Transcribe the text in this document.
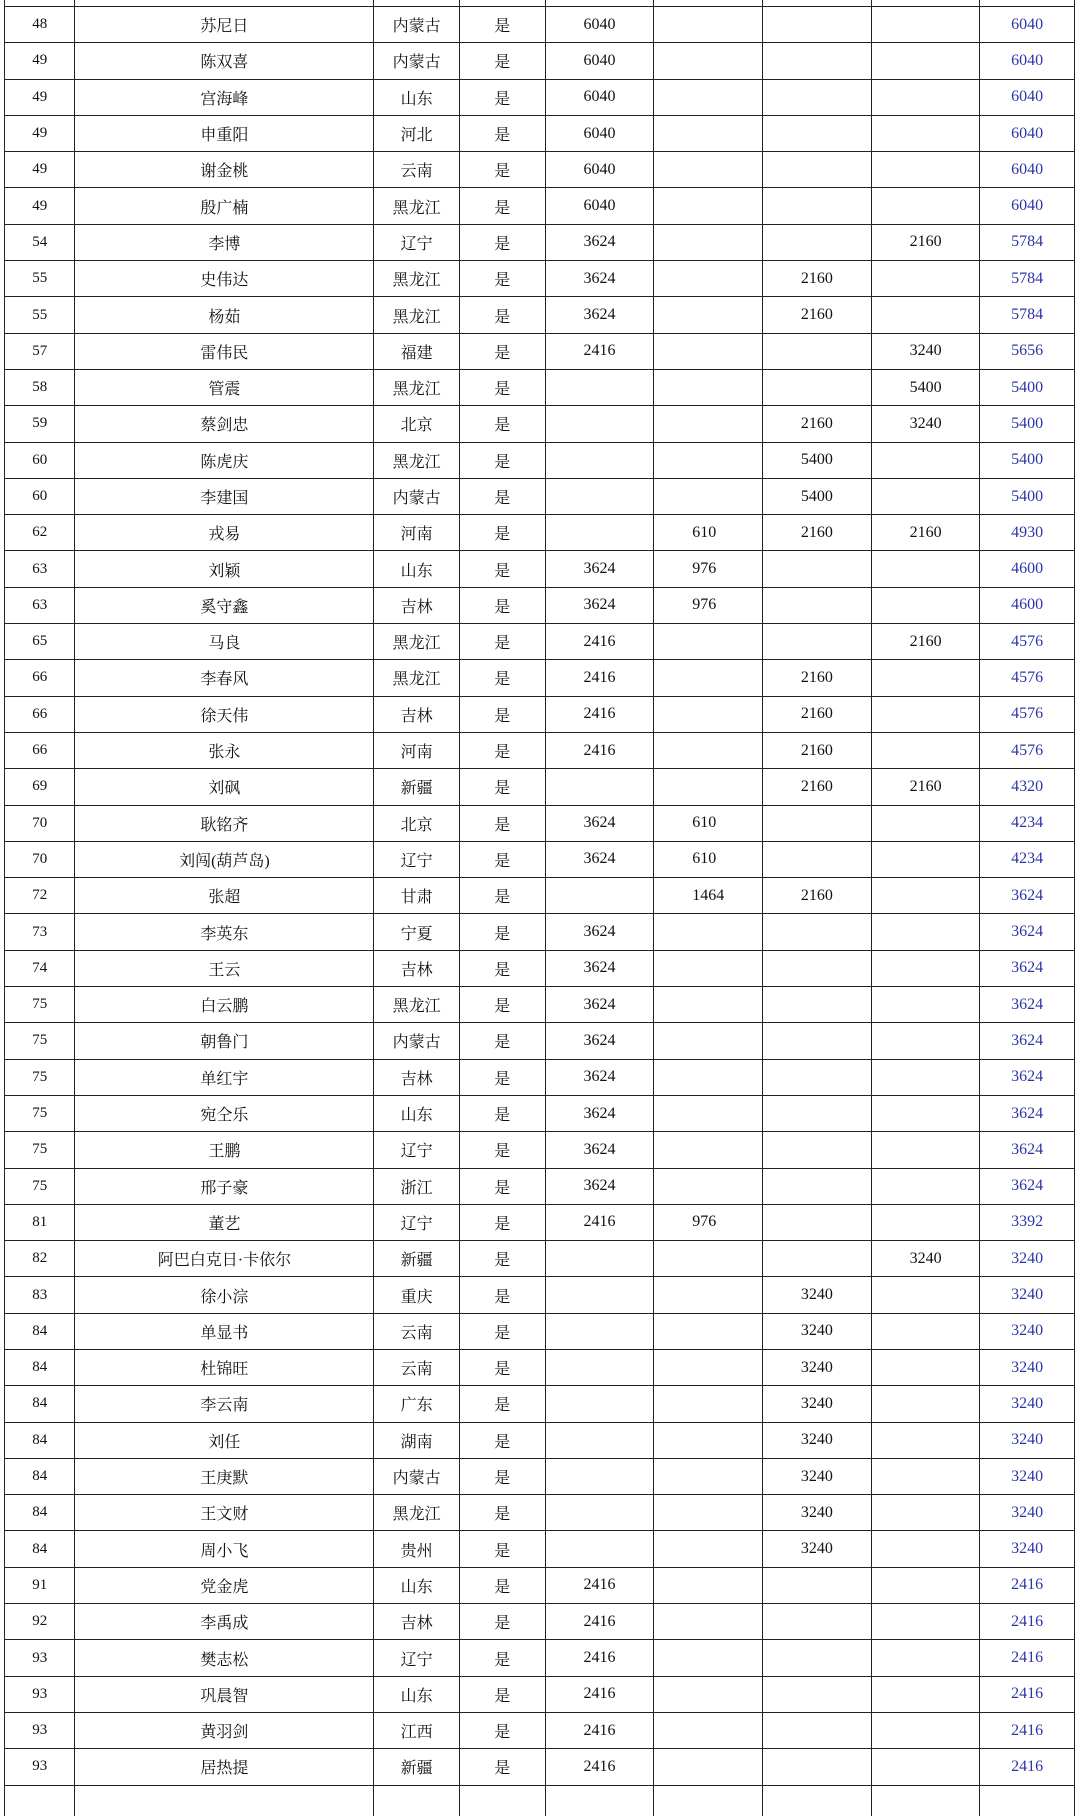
48	苏尼日	内蒙古	是	6040				6040
49	陈双喜	内蒙古	是	6040				6040
49	宫海峰	山东	是	6040				6040
49	申重阳	河北	是	6040				6040
49	谢金桃	云南	是	6040				6040
49	殷广楠	黑龙江	是	6040				6040
54	李博	辽宁	是	3624			2160	5784
55	史伟达	黑龙江	是	3624		2160		5784
55	杨茹	黑龙江	是	3624		2160		5784
57	雷伟民	福建	是	2416			3240	5656
58	管震	黑龙江	是				5400	5400
59	蔡剑忠	北京	是			2160	3240	5400
60	陈虎庆	黑龙江	是			5400		5400
60	李建国	内蒙古	是			5400		5400
62	戎易	河南	是		610	2160	2160	4930
63	刘颖	山东	是	3624	976			4600
63	奚守鑫	吉林	是	3624	976			4600
65	马良	黑龙江	是	2416			2160	4576
66	李春风	黑龙江	是	2416		2160		4576
66	徐天伟	吉林	是	2416		2160		4576
66	张永	河南	是	2416		2160		4576
69	刘砜	新疆	是			2160	2160	4320
70	耿铭齐	北京	是	3624	610			4234
70	刘闯(葫芦岛)	辽宁	是	3624	610			4234
72	张超	甘肃	是		1464	2160		3624
73	李英东	宁夏	是	3624				3624
74	王云	吉林	是	3624				3624
75	白云鹏	黑龙江	是	3624				3624
75	朝鲁门	内蒙古	是	3624				3624
75	单红宇	吉林	是	3624				3624
75	宛仝乐	山东	是	3624				3624
75	王鹏	辽宁	是	3624				3624
75	邢子豪	浙江	是	3624				3624
81	董艺	辽宁	是	2416	976			3392
82	阿巴白克日·卡依尔	新疆	是				3240	3240
83	徐小淙	重庆	是			3240		3240
84	单显书	云南	是			3240		3240
84	杜锦旺	云南	是			3240		3240
84	李云南	广东	是			3240		3240
84	刘任	湖南	是			3240		3240
84	王庚默	内蒙古	是			3240		3240
84	王文财	黑龙江	是			3240		3240
84	周小飞	贵州	是			3240		3240
91	党金虎	山东	是	2416				2416
92	李禹成	吉林	是	2416				2416
93	樊志松	辽宁	是	2416				2416
93	巩晨智	山东	是	2416				2416
93	黄羽剑	江西	是	2416				2416
93	居热提	新疆	是	2416				2416
